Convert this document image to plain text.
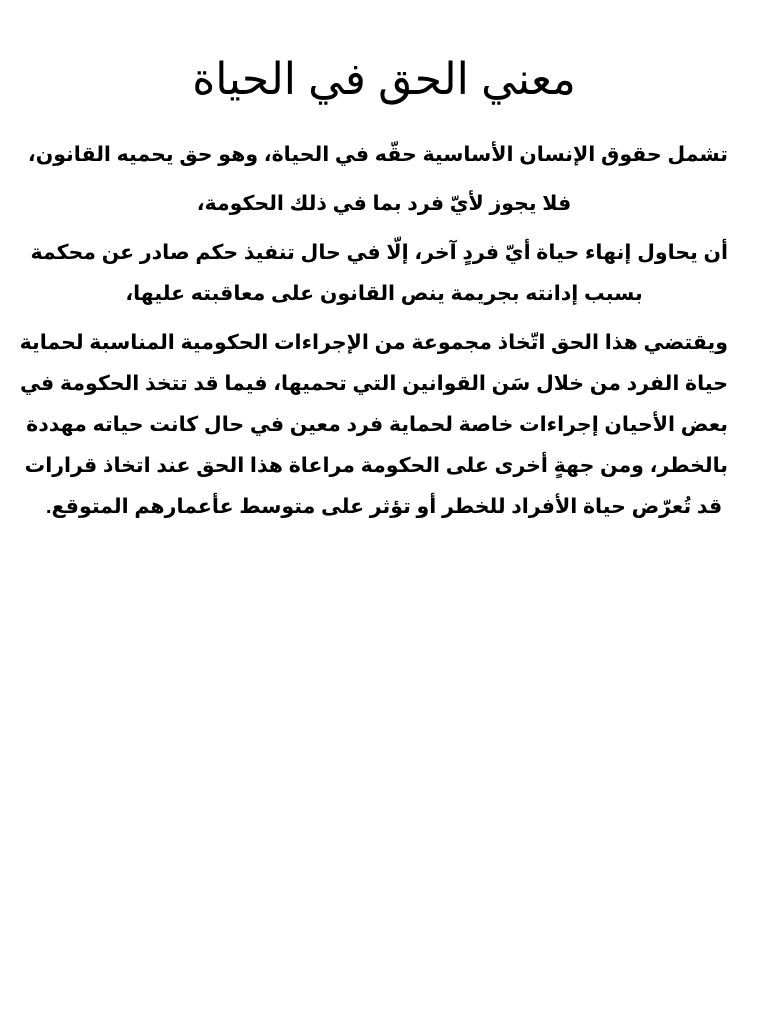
معني الحق في الحياة

تشمل حقوق الإنسان الأساسية حقّه في الحياة، وهو حق يحميه القانون،

فلا يجوز لأيّ فرد بما في ذلك الحكومة،

أن يحاول إنهاء حياة أيّ فردٍ آخر، إلّا في حال تنفيذ حكم صادر عن محكمة
بسبب إدانته بجريمة ينص القانون على معاقبته عليها،

ويقتضي هذا الحق اتّخاذ مجموعة من الإجراءات الحكومية المناسبة لحماية
حياة الفرد من خلال سَن القوانين التي تحميها، فيما قد تتخذ الحكومة في
بعض الأحيان إجراءات خاصة لحماية فرد معين في حال كانت حياته مهددة
بالخطر، ومن جهةٍ أخرى على الحكومة مراعاة هذا الحق عند اتخاذ قرارات
قد تُعرّض حياة الأفراد للخطر أو تؤثر على متوسط عأعمارهم المتوقع.
